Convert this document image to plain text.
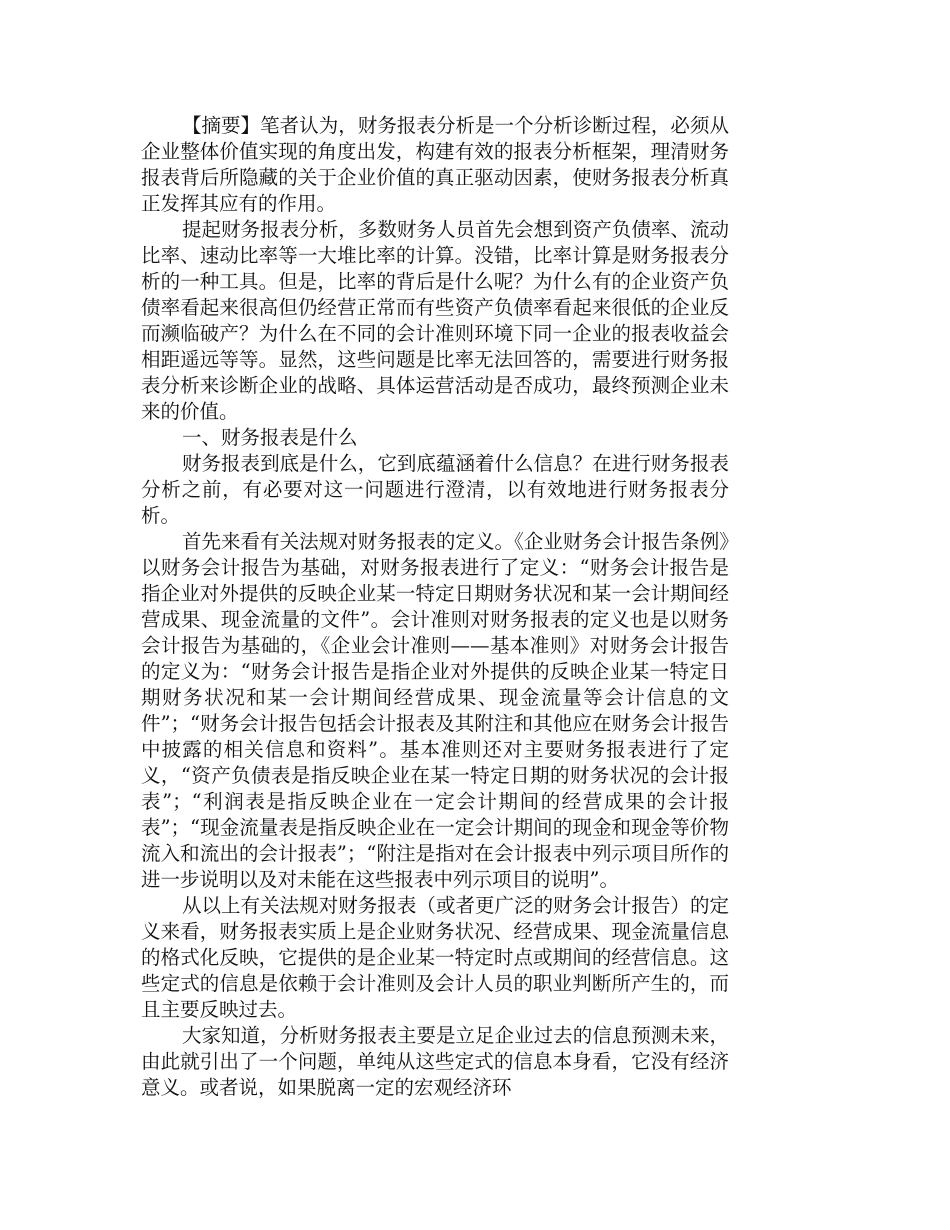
【摘要】笔者认为，财务报表分析是一个分析诊断过程，必须从企业整体价值实现的角度出发，构建有效的报表分析框架，理清财务报表背后所隐藏的关于企业价值的真正驱动因素，使财务报表分析真正发挥其应有的作用。

提起财务报表分析，多数财务人员首先会想到资产负债率、流动比率、速动比率等一大堆比率的计算。没错，比率计算是财务报表分析的一种工具。但是，比率的背后是什么呢？为什么有的企业资产负债率看起来很高但仍经营正常而有些资产负债率看起来很低的企业反而濒临破产？为什么在不同的会计准则环境下同一企业的报表收益会相距遥远等等。显然，这些问题是比率无法回答的，需要进行财务报表分析来诊断企业的战略、具体运营活动是否成功，最终预测企业未来的价值。

一、财务报表是什么

财务报表到底是什么，它到底蕴涵着什么信息？在进行财务报表分析之前，有必要对这一问题进行澄清，以有效地进行财务报表分析。

首先来看有关法规对财务报表的定义。《企业财务会计报告条例》以财务会计报告为基础，对财务报表进行了定义：“财务会计报告是指企业对外提供的反映企业某一特定日期财务状况和某一会计期间经营成果、现金流量的文件”。会计准则对财务报表的定义也是以财务会计报告为基础的，《企业会计准则——基本准则》对财务会计报告的定义为：“财务会计报告是指企业对外提供的反映企业某一特定日期财务状况和某一会计期间经营成果、现金流量等会计信息的文件”；“财务会计报告包括会计报表及其附注和其他应在财务会计报告中披露的相关信息和资料”。基本准则还对主要财务报表进行了定义，“资产负债表是指反映企业在某一特定日期的财务状况的会计报表”；“利润表是指反映企业在一定会计期间的经营成果的会计报表”；“现金流量表是指反映企业在一定会计期间的现金和现金等价物流入和流出的会计报表”；“附注是指对在会计报表中列示项目所作的进一步说明以及对未能在这些报表中列示项目的说明”。

从以上有关法规对财务报表（或者更广泛的财务会计报告）的定义来看，财务报表实质上是企业财务状况、经营成果、现金流量信息的格式化反映，它提供的是企业某一特定时点或期间的经营信息。这些定式的信息是依赖于会计准则及会计人员的职业判断所产生的，而且主要反映过去。

大家知道，分析财务报表主要是立足企业过去的信息预测未来，由此就引出了一个问题，单纯从这些定式的信息本身看，它没有经济意义。或者说，如果脱离一定的宏观经济环
